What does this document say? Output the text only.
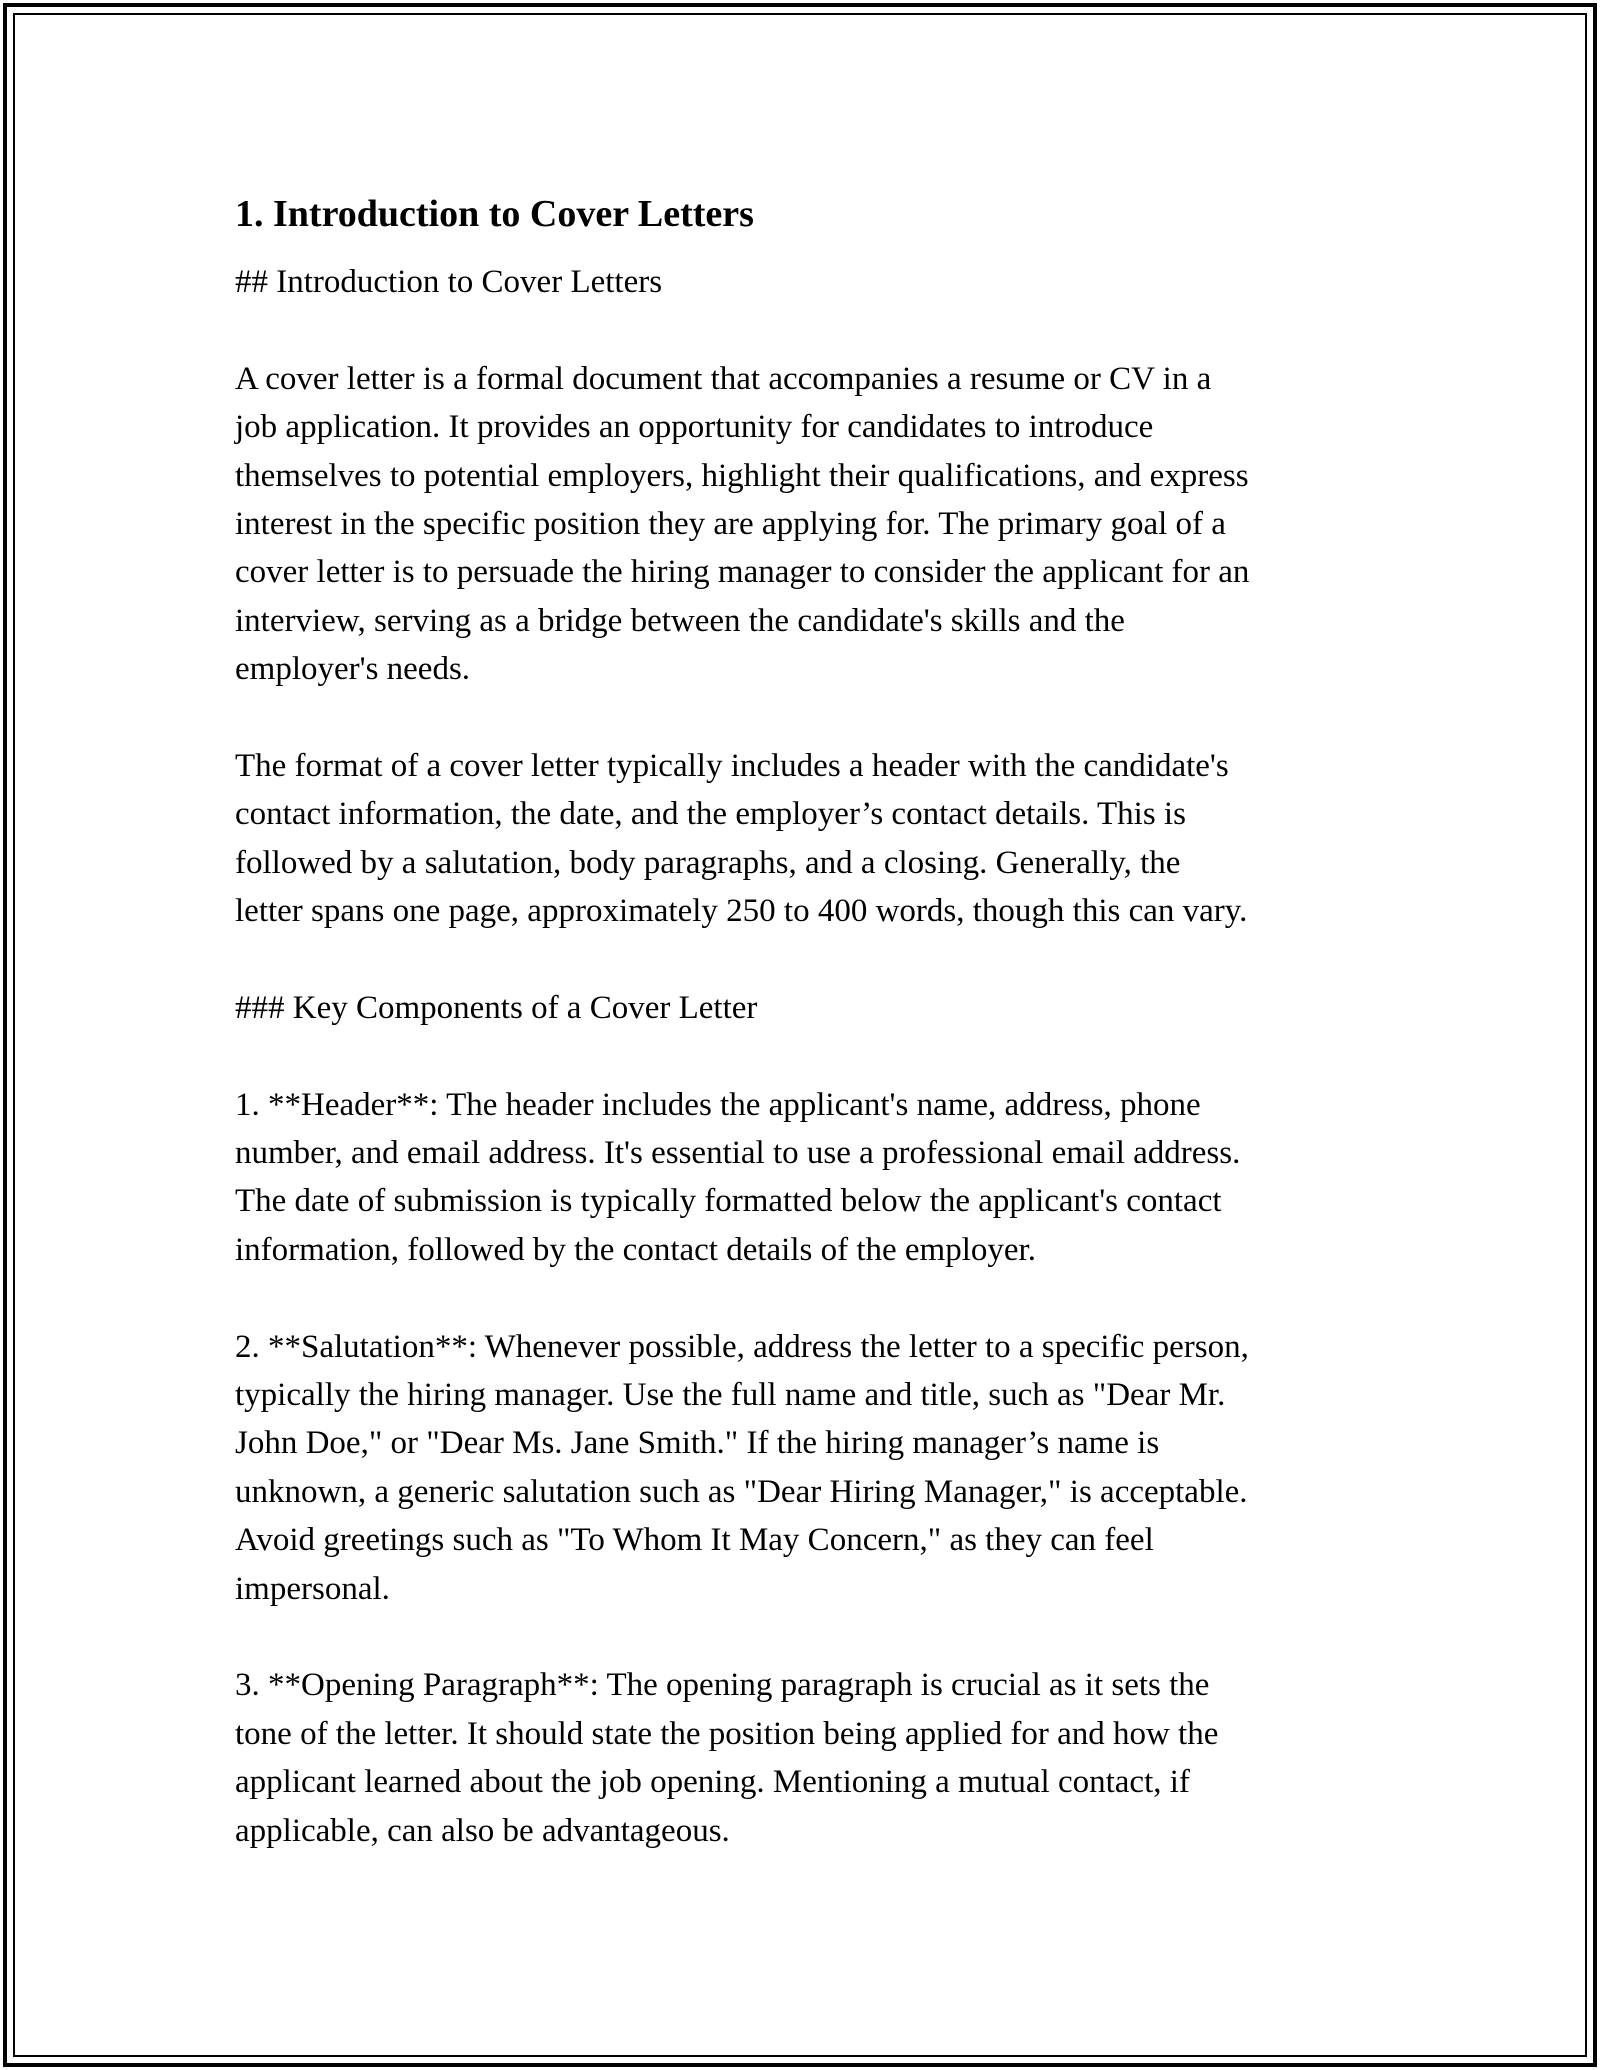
1. Introduction to Cover Letters
## Introduction to Cover Letters
A cover letter is a formal document that accompanies a resume or CV in a
job application. It provides an opportunity for candidates to introduce
themselves to potential employers, highlight their qualifications, and express
interest in the specific position they are applying for. The primary goal of a
cover letter is to persuade the hiring manager to consider the applicant for an
interview, serving as a bridge between the candidate's skills and the
employer's needs.
The format of a cover letter typically includes a header with the candidate's
contact information, the date, and the employer’s contact details. This is
followed by a salutation, body paragraphs, and a closing. Generally, the
letter spans one page, approximately 250 to 400 words, though this can vary.
### Key Components of a Cover Letter
1. **Header**: The header includes the applicant's name, address, phone
number, and email address. It's essential to use a professional email address.
The date of submission is typically formatted below the applicant's contact
information, followed by the contact details of the employer.
2. **Salutation**: Whenever possible, address the letter to a specific person,
typically the hiring manager. Use the full name and title, such as "Dear Mr.
John Doe," or "Dear Ms. Jane Smith." If the hiring manager’s name is
unknown, a generic salutation such as "Dear Hiring Manager," is acceptable.
Avoid greetings such as "To Whom It May Concern," as they can feel
impersonal.
3. **Opening Paragraph**: The opening paragraph is crucial as it sets the
tone of the letter. It should state the position being applied for and how the
applicant learned about the job opening. Mentioning a mutual contact, if
applicable, can also be advantageous.
